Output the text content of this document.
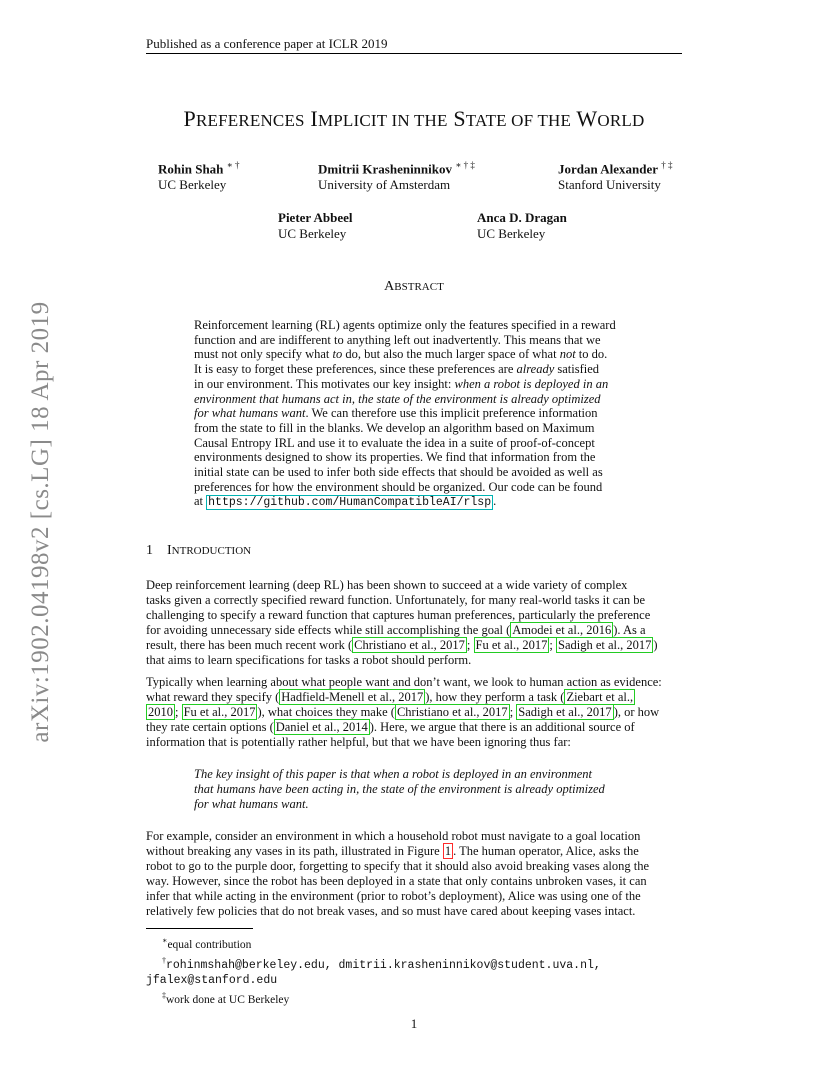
Published as a conference paper at ICLR 2019
arXiv:1902.04198v2 [cs.LG] 18 Apr 2019
PREFERENCES IMPLICIT IN THE STATE OF THE WORLD
Rohin Shah ∗ †
UC Berkeley
Dmitrii Krasheninnikov ∗ † ‡
University of Amsterdam
Jordan Alexander † ‡
Stanford University
Pieter Abbeel
UC Berkeley
Anca D. Dragan
UC Berkeley
ABSTRACT
Reinforcement learning (RL) agents optimize only the features specified in a reward
function and are indifferent to anything left out inadvertently. This means that we
must not only specify what to do, but also the much larger space of what not to do.
It is easy to forget these preferences, since these preferences are already satisfied
in our environment. This motivates our key insight: when a robot is deployed in an
environment that humans act in, the state of the environment is already optimized
for what humans want. We can therefore use this implicit preference information
from the state to fill in the blanks. We develop an algorithm based on Maximum
Causal Entropy IRL and use it to evaluate the idea in a suite of proof-of-concept
environments designed to show its properties. We find that information from the
initial state can be used to infer both side effects that should be avoided as well as
preferences for how the environment should be organized. Our code can be found
at https://github.com/HumanCompatibleAI/rlsp .
1 INTRODUCTION
Deep reinforcement learning (deep RL) has been shown to succeed at a wide variety of complex
tasks given a correctly specified reward function. Unfortunately, for many real-world tasks it can be
challenging to specify a reward function that captures human preferences, particularly the preference
for avoiding unnecessary side effects while still accomplishing the goal ( Amodei et al., 2016 ). As a
result, there has been much recent work ( Christiano et al., 2017 ; Fu et al., 2017 ; Sadigh et al., 2017 )
that aims to learn specifications for tasks a robot should perform.
Typically when learning about what people want and don’t want, we look to human action as evidence:
what reward they specify ( Hadfield-Menell et al., 2017 ), how they perform a task ( Ziebart et al.,
2010 ; Fu et al., 2017 ), what choices they make ( Christiano et al., 2017 ; Sadigh et al., 2017 ), or how
they rate certain options ( Daniel et al., 2014 ). Here, we argue that there is an additional source of
information that is potentially rather helpful, but that we have been ignoring thus far:
The key insight of this paper is that when a robot is deployed in an environment
that humans have been acting in, the state of the environment is already optimized
for what humans want.
For example, consider an environment in which a household robot must navigate to a goal location
without breaking any vases in its path, illustrated in Figure 1 . The human operator, Alice, asks the
robot to go to the purple door, forgetting to specify that it should also avoid breaking vases along the
way. However, since the robot has been deployed in a state that only contains unbroken vases, it can
infer that while acting in the environment (prior to robot’s deployment), Alice was using one of the
relatively few policies that do not break vases, and so must have cared about keeping vases intact.
∗equal contribution
†rohinmshah@berkeley.edu, dmitrii.krasheninnikov@student.uva.nl,
jfalex@stanford.edu
‡work done at UC Berkeley
1
